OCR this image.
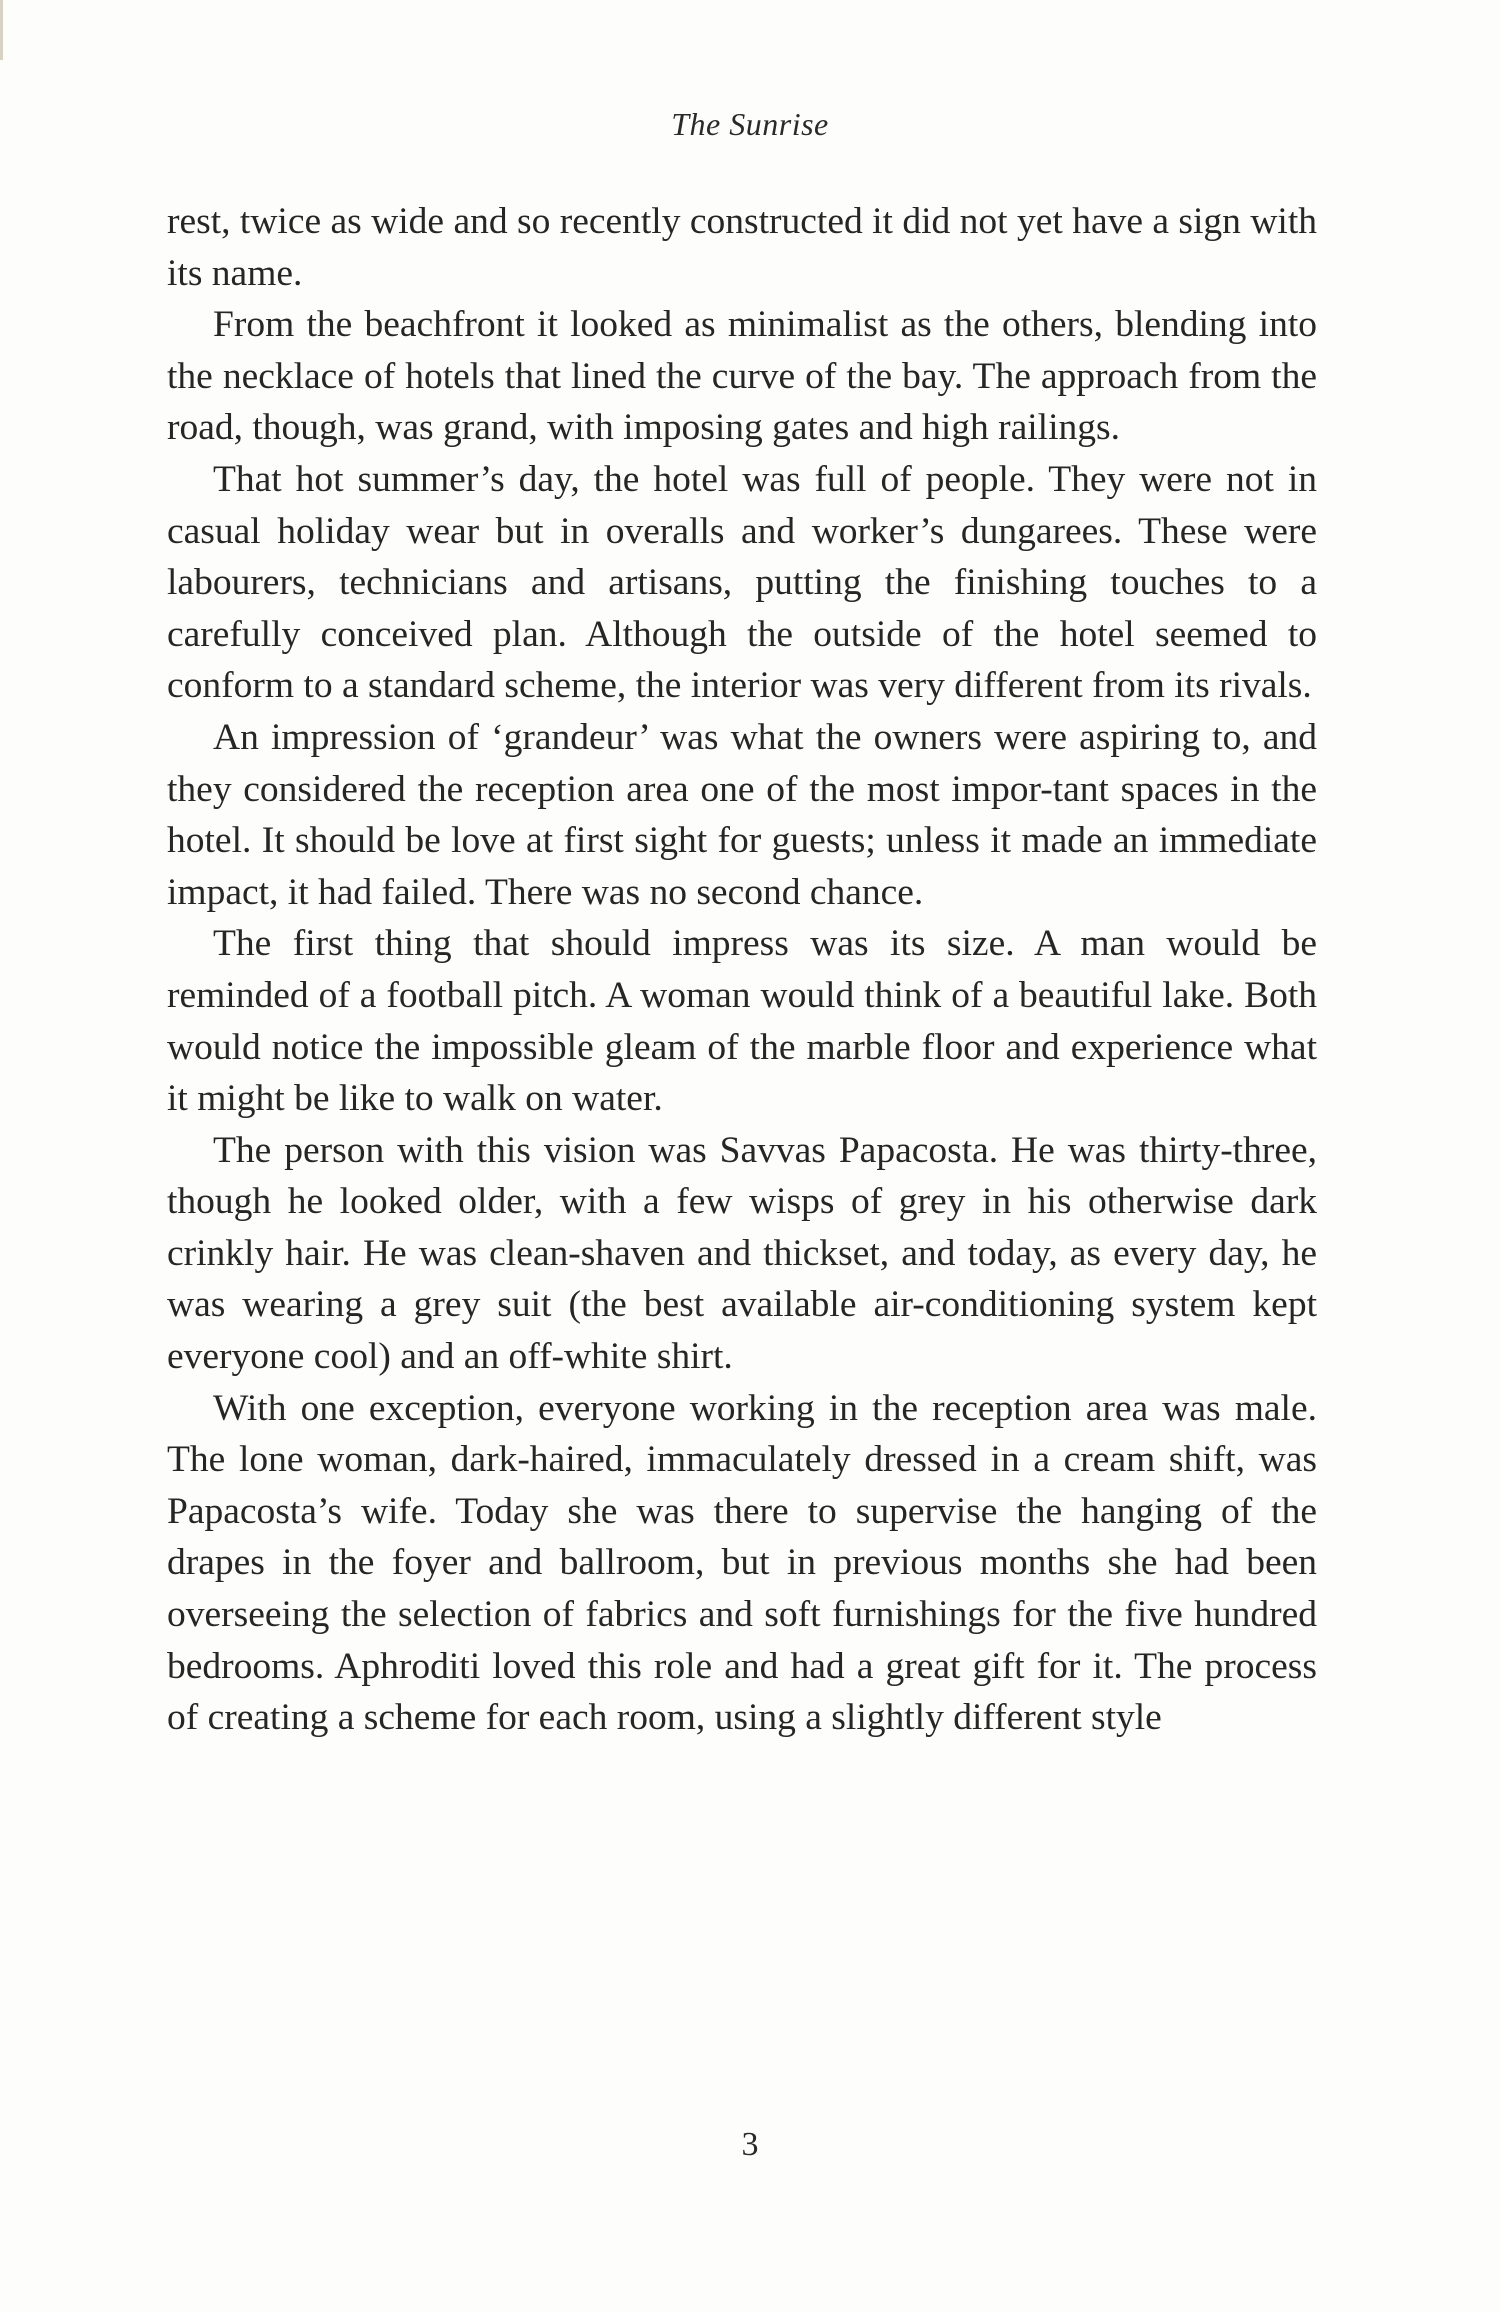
The Sunrise

rest, twice as wide and so recently constructed it did not yet have a sign with its name.

From the beachfront it looked as minimalist as the others, blending into the necklace of hotels that lined the curve of the bay. The approach from the road, though, was grand, with imposing gates and high railings.

That hot summer’s day, the hotel was full of people. They were not in casual holiday wear but in overalls and worker’s dungarees. These were labourers, technicians and artisans, putting the finishing touches to a carefully conceived plan. Although the outside of the hotel seemed to conform to a standard scheme, the interior was very different from its rivals.

An impression of ‘grandeur’ was what the owners were aspiring to, and they considered the reception area one of the most impor-tant spaces in the hotel. It should be love at first sight for guests; unless it made an immediate impact, it had failed. There was no second chance.

The first thing that should impress was its size. A man would be reminded of a football pitch. A woman would think of a beautiful lake. Both would notice the impossible gleam of the marble floor and experience what it might be like to walk on water.

The person with this vision was Savvas Papacosta. He was thirty-three, though he looked older, with a few wisps of grey in his otherwise dark crinkly hair. He was clean-shaven and thickset, and today, as every day, he was wearing a grey suit (the best available air-conditioning system kept everyone cool) and an off-white shirt.

With one exception, everyone working in the reception area was male. The lone woman, dark-haired, immaculately dressed in a cream shift, was Papacosta’s wife. Today she was there to supervise the hanging of the drapes in the foyer and ballroom, but in previous months she had been overseeing the selection of fabrics and soft furnishings for the five hundred bedrooms. Aphroditi loved this role and had a great gift for it. The process of creating a scheme for each room, using a slightly different style

3
